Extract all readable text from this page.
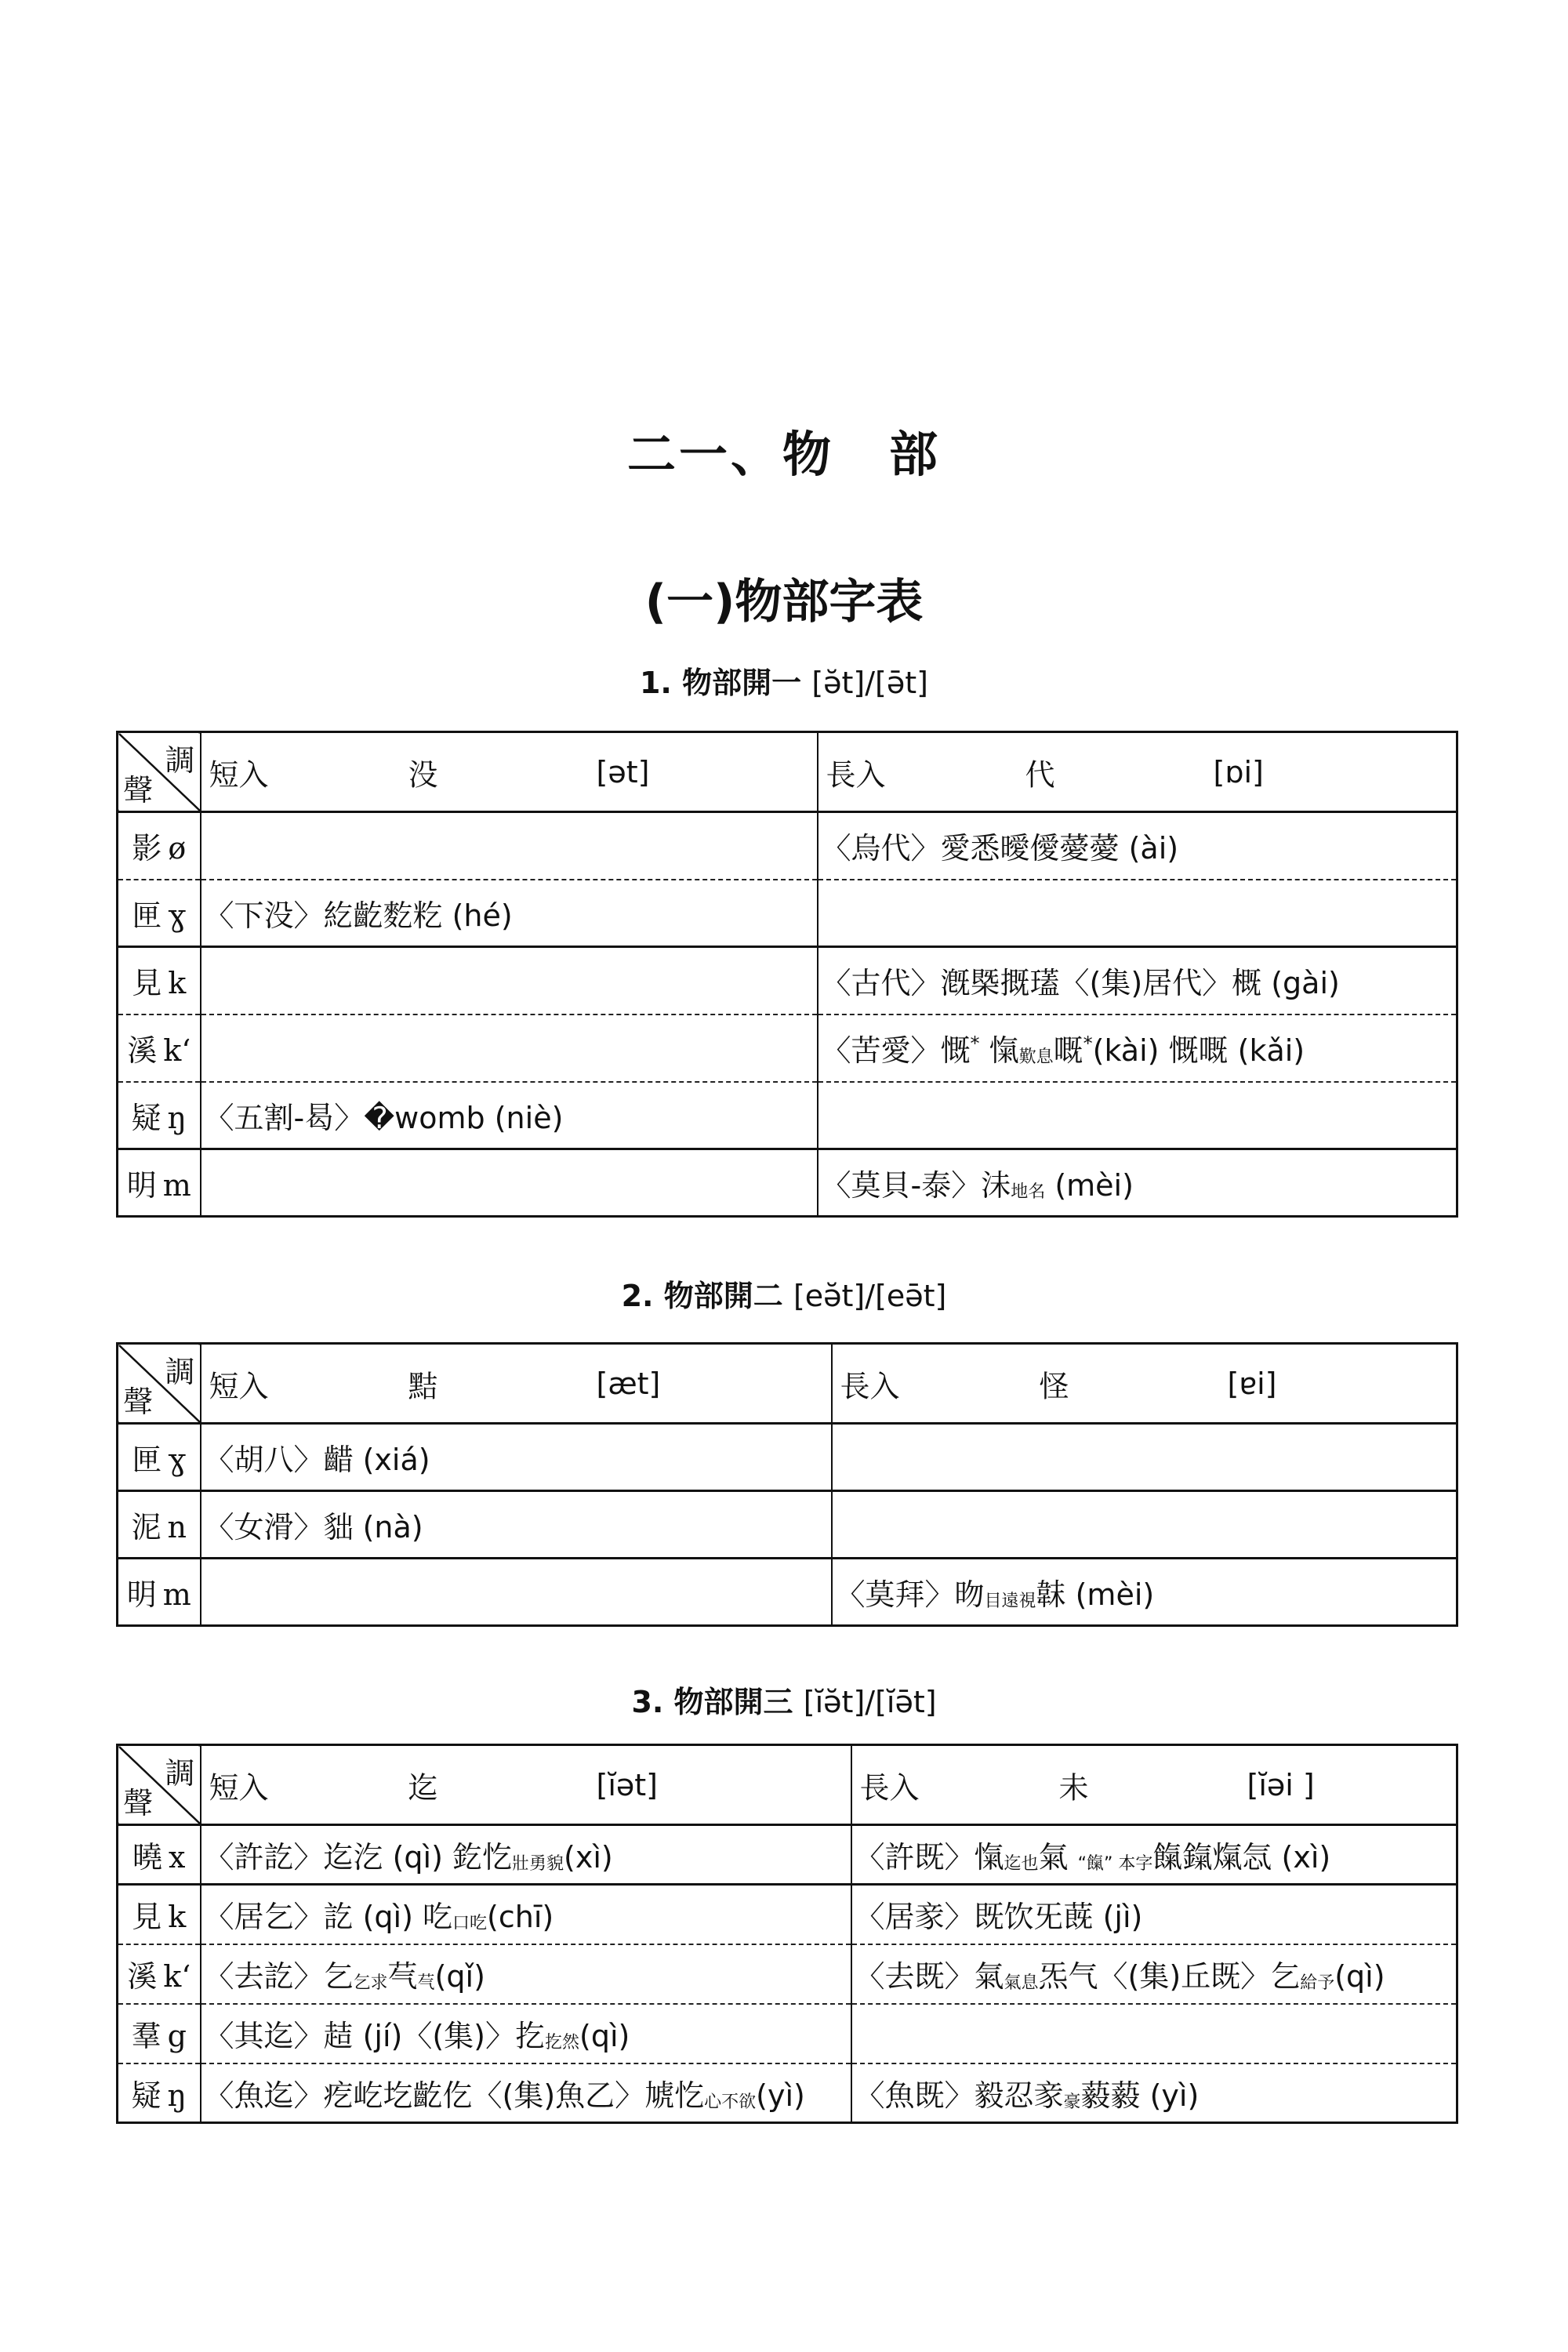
二一、物 部
(一)物部字表
1. 物部開一 [ə̆t]/[ə̄t]
調
聲	短入 没 [ət]	長入 代 [ɒi]

影 ø		〈烏代〉愛悉曖僾薆薆 (ài)
匣 ɣ	〈下没〉紇齕麧籺 (hé)	
見 k		〈古代〉漑槩摡瓂〈(集)居代〉概 (gài)
溪 k‘		〈苦愛〉慨* 愾歎息嘅*(kài) 慨嘅 (kǎi)
疑 ŋ	〈五割-曷〉�womb (niè)	
明 m		〈莫貝-泰〉沬地名 (mèi)
2. 物部開二 [eə̆t]/[eə̄t]
調
聲	短入 黠 [æt]	長入 怪 [ɐi]

匣 ɣ	〈胡八〉齰 (xiá)	
泥 n	〈女滑〉貀 (nà)	
明 m		〈莫拜〉昒目遠視韎 (mèi)
3. 物部開三 [ĭə̆t]/[ĭə̄t]
調
聲	短入 迄 [ĭət]	長入 未 [ĭəi ]

曉 x	〈許訖〉迄汔 (qì) 釳忔壯勇貌(xì)	〈許既〉愾迄也氣 “餼” 本字餼鎎熂忥 (xì)
見 k	〈居乞〉訖 (qì) 吃口吃(chī)	〈居豙〉既饮旡蔇 (jì)
溪 k‘	〈去訖〉乞乞求芞芞(qǐ)	〈去既〉氣氣息炁气〈(集)丘既〉乞給予(qì)
羣 g	〈其迄〉趌 (jí)〈(集)〉扢扢然(qì)	
疑 ŋ	〈魚迄〉疙屹圪齕仡〈(集)魚乙〉虓忔心不欲(yì)	〈魚既〉毅忍豙豪藙藙 (yì)
